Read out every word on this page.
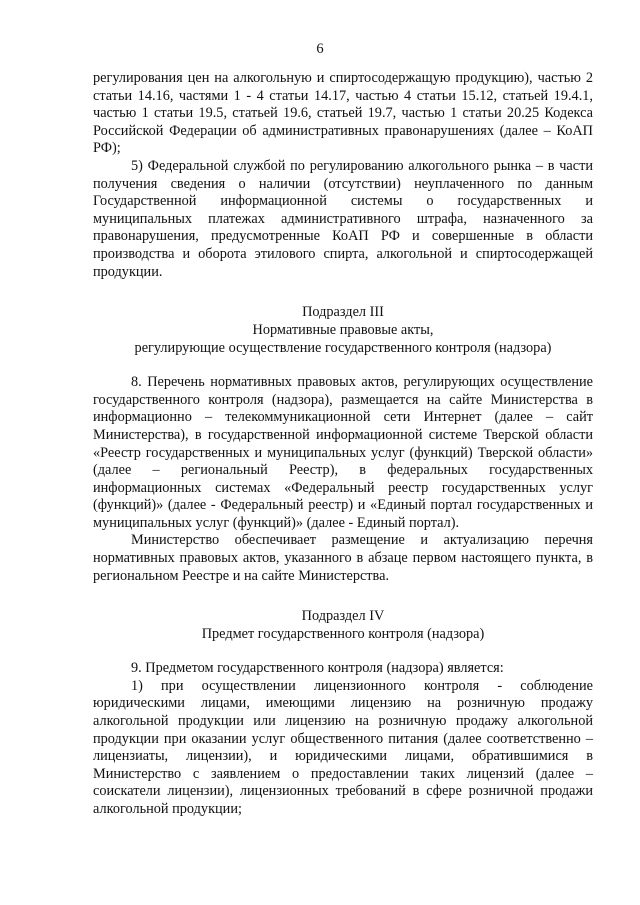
6

регулирования цен на алкогольную и спиртосодержащую продукцию), частью 2 статьи 14.16, частями 1 - 4 статьи 14.17, частью 4 статьи 15.12, статьей 19.4.1, частью 1 статьи 19.5, статьей 19.6, статьей 19.7, частью 1 статьи 20.25 Кодекса Российской Федерации об административных правонарушениях (далее – КоАП РФ);

5) Федеральной службой по регулированию алкогольного рынка – в части получения сведения о наличии (отсутствии) неуплаченного по данным Государственной информационной системы о государственных и муниципальных платежах административного штрафа, назначенного за правонарушения, предусмотренные КоАП РФ и совершенные в области производства и оборота этилового спирта, алкогольной и спиртосодержащей продукции.

Подраздел III

Нормативные правовые акты,

регулирующие осуществление государственного контроля (надзора)

8. Перечень нормативных правовых актов, регулирующих осуществление государственного контроля (надзора), размещается на сайте Министерства в информационно – телекоммуникационной сети Интернет (далее – сайт Министерства), в государственной информационной системе Тверской области «Реестр государственных и муниципальных услуг (функций) Тверской области» (далее – региональный Реестр), в федеральных государственных информационных системах «Федеральный реестр государственных услуг (функций)» (далее - Федеральный реестр) и «Единый портал государственных и муниципальных услуг (функций)» (далее - Единый портал).

Министерство обеспечивает размещение и актуализацию перечня нормативных правовых актов, указанного в абзаце первом настоящего пункта, в региональном Реестре и на сайте Министерства.

Подраздел IV

Предмет государственного контроля (надзора)

9. Предметом государственного контроля (надзора) является:

1) при осуществлении лицензионного контроля - соблюдение юридическими лицами, имеющими лицензию на розничную продажу алкогольной продукции или лицензию на розничную продажу алкогольной продукции при оказании услуг общественного питания (далее соответственно – лицензиаты, лицензии), и юридическими лицами, обратившимися в Министерство с заявлением о предоставлении таких лицензий (далее – соискатели лицензии), лицензионных требований в сфере розничной продажи алкогольной продукции;
